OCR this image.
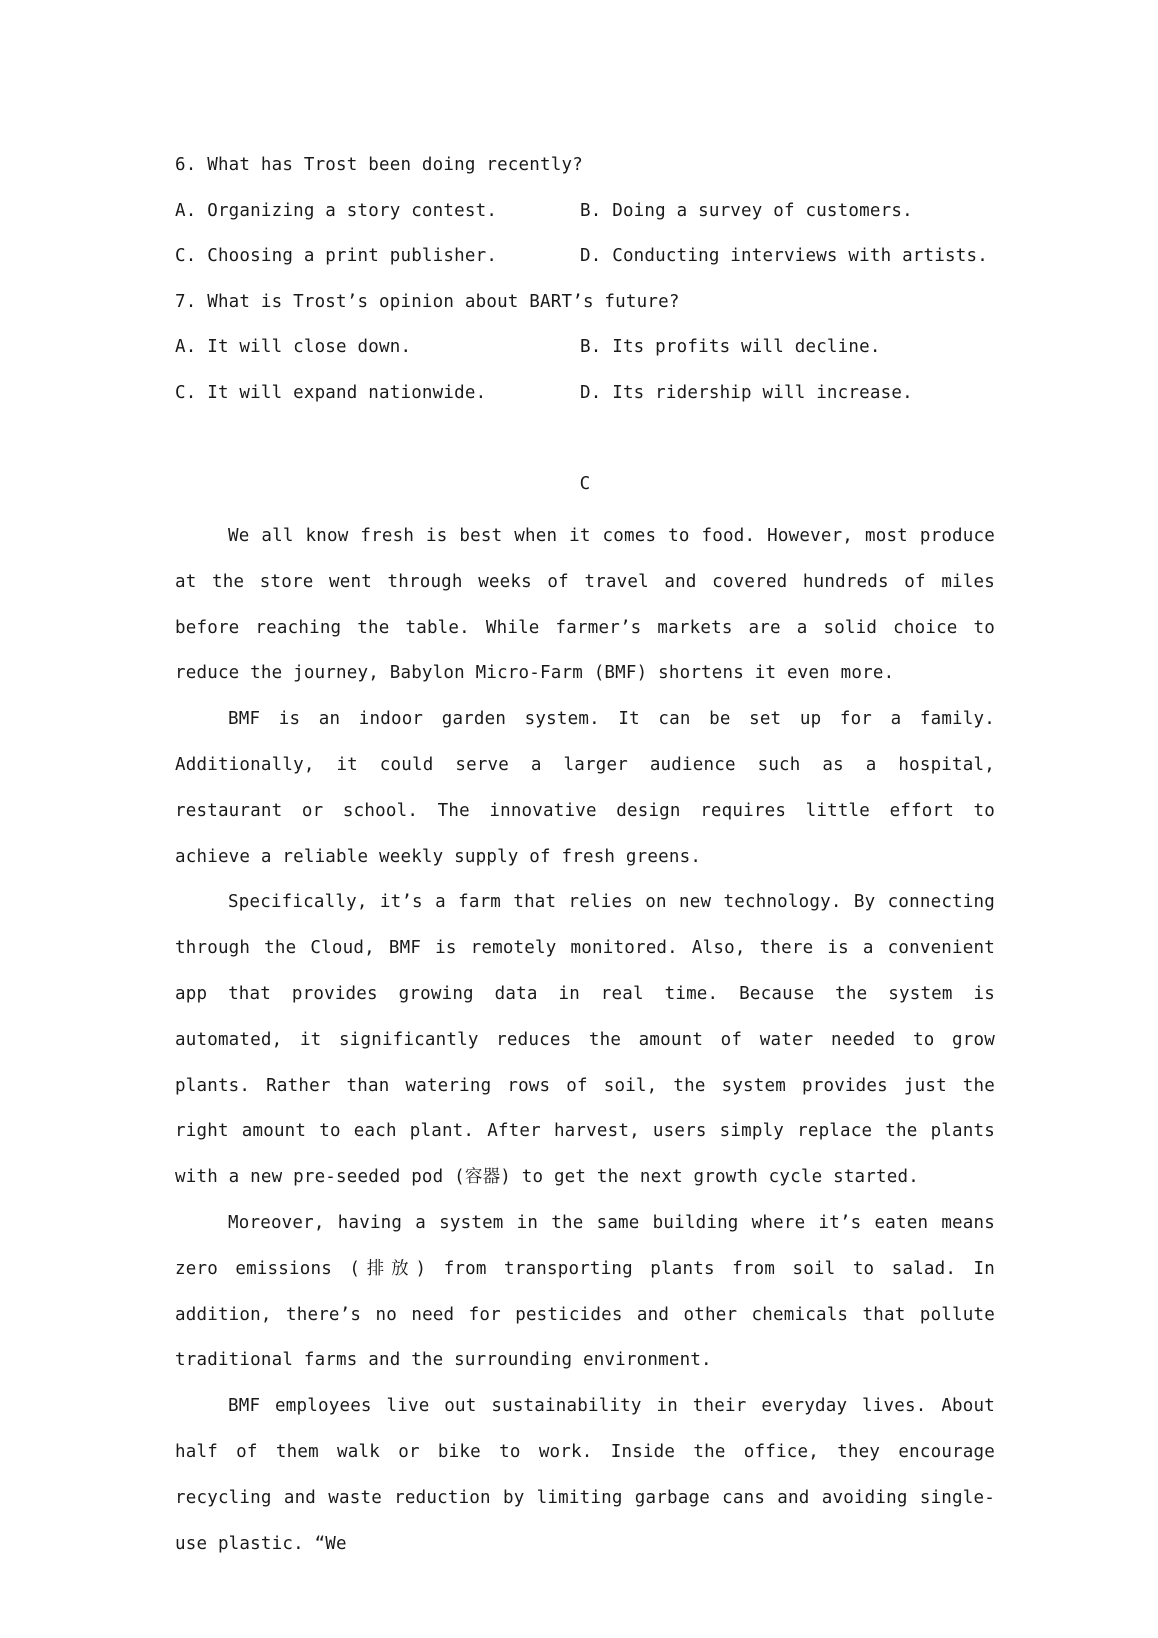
6. What has Trost been doing recently?
A. Organizing a story contest.	B. Doing a survey of customers.
C. Choosing a print publisher.	D. Conducting interviews with artists.
7. What is Trost’s opinion about BART’s future?
A. It will close down.	B. Its profits will decline.
C. It will expand nationwide.	D. Its ridership will increase.
C

We all know fresh is best when it comes to food. However, most produce at the store went through weeks of travel and covered hundreds of miles before reaching the table. While farmer’s markets are a solid choice to reduce the journey, Babylon Micro-Farm (BMF) shortens it even more.

BMF is an indoor garden system. It can be set up for a family. Additionally, it could serve a larger audience such as a hospital, restaurant or school. The innovative design requires little effort to achieve a reliable weekly supply of fresh greens.

Specifically, it’s a farm that relies on new technology. By connecting through the Cloud, BMF is remotely monitored. Also, there is a convenient app that provides growing data in real time. Because the system is automated, it significantly reduces the amount of water needed to grow plants. Rather than watering rows of soil, the system provides just the right amount to each plant. After harvest, users simply replace the plants with a new pre-seeded pod (容器) to get the next growth cycle started.

Moreover, having a system in the same building where it’s eaten means zero emissions (排放) from transporting plants from soil to salad. In addition, there’s no need for pesticides and other chemicals that pollute traditional farms and the surrounding environment.

BMF employees live out sustainability in their everyday lives. About half of them walk or bike to work. Inside the office, they encourage recycling and waste reduction by limiting garbage cans and avoiding single-use plastic. “We
